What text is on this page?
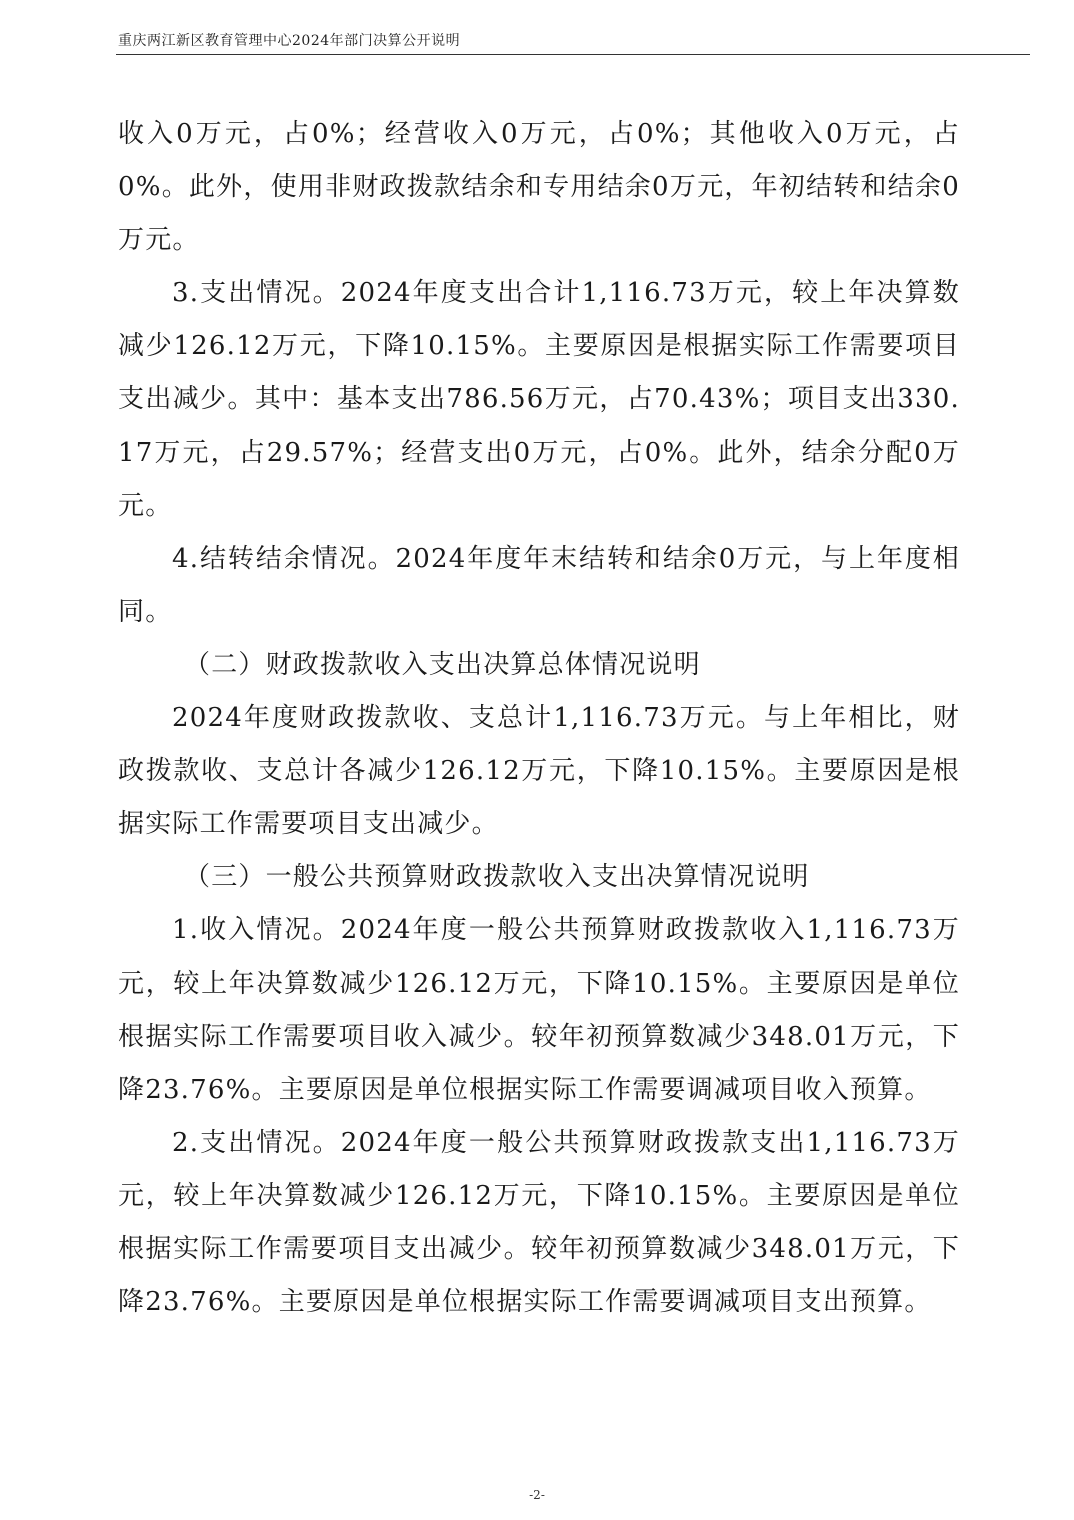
重庆两江新区教育管理中心2024年部门决算公开说明

收入0万元，占0%；经营收入0万元，占0%；其他收入0万元，占0%。此外，使用非财政拨款结余和专用结余0万元，年初结转和结余0万元。

3.支出情况。2024年度支出合计1,116.73万元，较上年决算数减少126.12万元，下降10.15%。主要原因是根据实际工作需要项目支出减少。其中：基本支出786.56万元，占70.43%；项目支出330.17万元，占29.57%；经营支出0万元，占0%。此外，结余分配0万元。

4.结转结余情况。2024年度年末结转和结余0万元，与上年度相同。

（二）财政拨款收入支出决算总体情况说明

2024年度财政拨款收、支总计1,116.73万元。与上年相比，财政拨款收、支总计各减少126.12万元，下降10.15%。主要原因是根据实际工作需要项目支出减少。

（三）一般公共预算财政拨款收入支出决算情况说明

1.收入情况。2024年度一般公共预算财政拨款收入1,116.73万元，较上年决算数减少126.12万元，下降10.15%。主要原因是单位根据实际工作需要项目收入减少。较年初预算数减少348.01万元，下降23.76%。主要原因是单位根据实际工作需要调减项目收入预算。

2.支出情况。2024年度一般公共预算财政拨款支出1,116.73万元，较上年决算数减少126.12万元，下降10.15%。主要原因是单位根据实际工作需要项目支出减少。较年初预算数减少348.01万元，下降23.76%。主要原因是单位根据实际工作需要调减项目支出预算。

-2-
